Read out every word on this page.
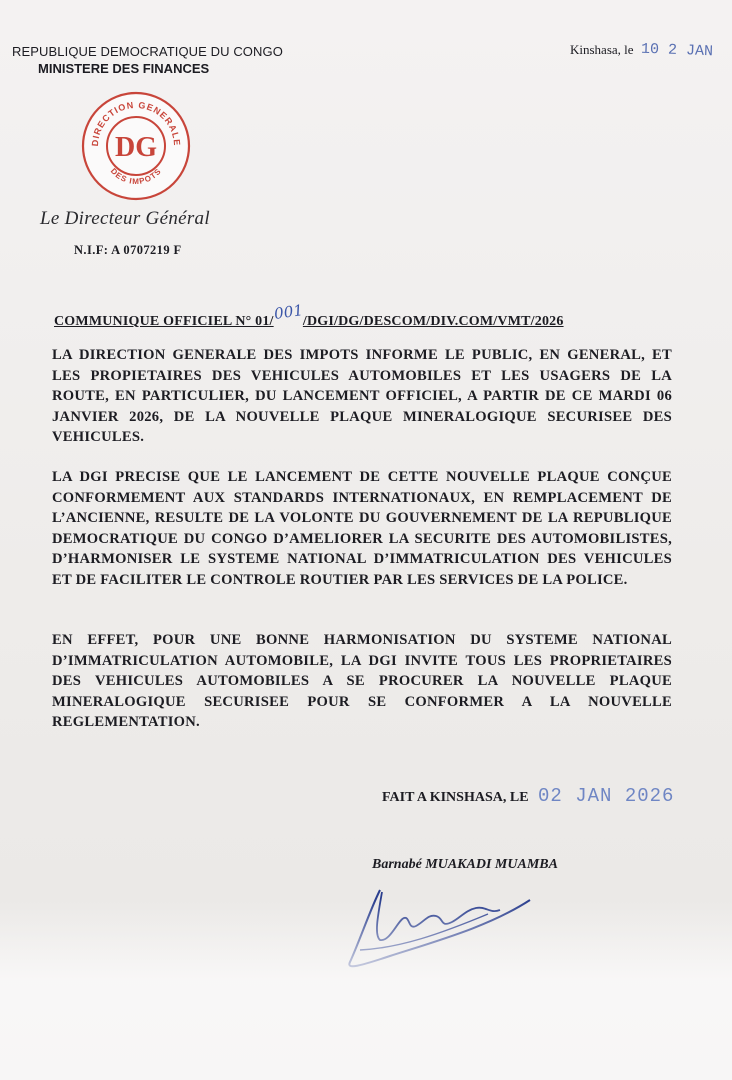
REPUBLIQUE DEMOCRATIQUE DU CONGO
MINISTERE DES FINANCES
Kinshasa, le 10 2 JAN
DIRECTION GENERALE
DES IMPOTS
DG
Le Directeur Général
N.I.F: A 0707219 F
COMMUNIQUE OFFICIEL N° 01/001/DGI/DG/DESCOM/DIV.COM/VMT/2026

LA DIRECTION GENERALE DES IMPOTS INFORME LE PUBLIC, EN GENERAL, ET LES PROPIETAIRES DES VEHICULES AUTOMOBILES ET LES USAGERS DE LA ROUTE, EN PARTICULIER, DU LANCEMENT OFFICIEL, A PARTIR DE CE MARDI 06 JANVIER 2026, DE LA NOUVELLE PLAQUE MINERALOGIQUE SECURISEE DES VEHICULES.

LA DGI PRECISE QUE LE LANCEMENT DE CETTE NOUVELLE PLAQUE CONÇUE CONFORMEMENT AUX STANDARDS INTERNATIONAUX, EN REMPLACEMENT DE L’ANCIENNE, RESULTE DE LA VOLONTE DU GOUVERNEMENT DE LA REPUBLIQUE DEMOCRATIQUE DU CONGO D’AMELIORER LA SECURITE DES AUTOMOBILISTES, D’HARMONISER LE SYSTEME NATIONAL D’IMMATRICULATION DES VEHICULES ET DE FACILITER LE CONTROLE ROUTIER PAR LES SERVICES DE LA POLICE.

EN EFFET, POUR UNE BONNE HARMONISATION DU SYSTEME NATIONAL D’IMMATRICULATION AUTOMOBILE, LA DGI INVITE TOUS LES PROPRIETAIRES DES VEHICULES AUTOMOBILES A SE PROCURER LA NOUVELLE PLAQUE MINERALOGIQUE SECURISEE POUR SE CONFORMER A LA NOUVELLE REGLEMENTATION.

FAIT A KINSHASA, LE 02 JAN 2026
Barnabé MUAKADI MUAMBA
